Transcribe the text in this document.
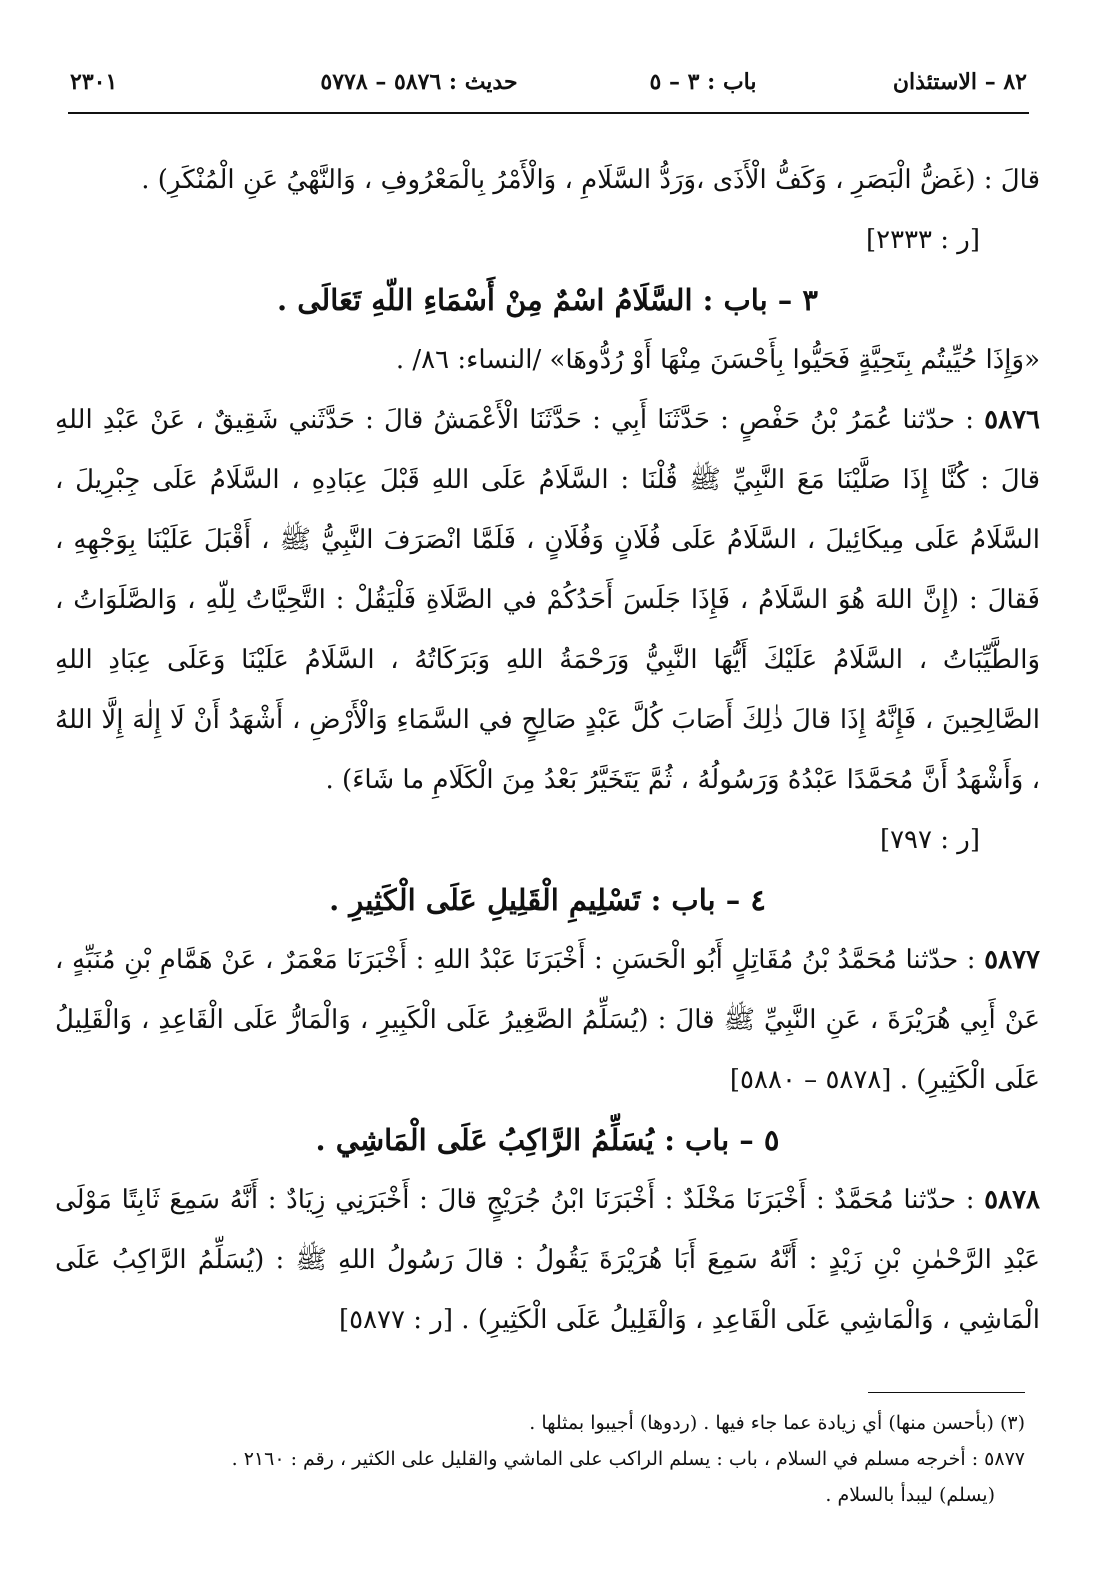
٨٢ – الاستئذان
باب : ٣ – ٥
حديث : ٥٨٧٦ – ٥٧٧٨
٢٣٠١

قالَ : (غَضُّ الْبَصَرِ ، وَكَفُّ الْأَذَى ،وَرَدُّ السَّلَامِ ، وَالْأَمْرُ بِالْمَعْرُوفِ ، وَالنَّهْيُ عَنِ الْمُنْكَرِ) .

[ر : ٢٣٣٣]

٣ – باب : السَّلَامُ اسْمٌ مِنْ أَسْمَاءِ اللّهِ تَعَالَى .

«وَإِذَا حُيِّيتُم بِتَحِيَّةٍ فَحَيُّوا بِأَحْسَنَ مِنْهَا أَوْ رُدُّوهَا» /النساء: ٨٦/ .

٥٨٧٦ : حدّثنا عُمَرُ بْنُ حَفْصٍ : حَدَّثَنَا أَبِي : حَدَّثَنَا الْأَعْمَشُ قالَ : حَدَّثَني شَقِيقٌ ، عَنْ عَبْدِ اللهِ قالَ : كُنَّا إِذَا صَلَّيْنَا مَعَ النَّبِيِّ ﷺ قُلْنَا : السَّلَامُ عَلَى اللهِ قَبْلَ عِبَادِهِ ، السَّلَامُ عَلَى جِبْرِيلَ ، السَّلَامُ عَلَى مِيكَائِيلَ ، السَّلَامُ عَلَى فُلَانٍ وَفُلَانٍ ، فَلَمَّا انْصَرَفَ النَّبِيُّ ﷺ ، أَقْبَلَ عَلَيْنَا بِوَجْهِهِ ، فَقالَ : (إِنَّ اللهَ هُوَ السَّلَامُ ، فَإِذَا جَلَسَ أَحَدُكُمْ في الصَّلَاةِ فَلْيَقُلْ : التَّحِيَّاتُ لِلّهِ ، وَالصَّلَوَاتُ ، وَالطَّيِّبَاتُ ، السَّلَامُ عَلَيْكَ أَيُّهَا النَّبِيُّ وَرَحْمَةُ اللهِ وَبَرَكَاتُهُ ، السَّلَامُ عَلَيْنَا وَعَلَى عِبَادِ اللهِ الصَّالِحِينَ ، فَإِنَّهُ إِذَا قالَ ذٰلِكَ أَصَابَ كُلَّ عَبْدٍ صَالِحٍ في السَّمَاءِ وَالْأَرْضِ ، أَشْهَدُ أَنْ لَا إِلٰهَ إِلَّا اللهُ ، وَأَشْهَدُ أَنَّ مُحَمَّدًا عَبْدُهُ وَرَسُولُهُ ، ثُمَّ يَتَخَيَّرُ بَعْدُ مِنَ الْكَلَامِ ما شَاءَ) .

[ر : ٧٩٧]

٤ – باب : تَسْلِيمِ الْقَلِيلِ عَلَى الْكَثِيرِ .

٥٨٧٧ : حدّثنا مُحَمَّدُ بْنُ مُقَاتِلٍ أَبُو الْحَسَنِ : أَخْبَرَنَا عَبْدُ اللهِ : أَخْبَرَنَا مَعْمَرٌ ، عَنْ هَمَّامِ بْنِ مُنَبِّهٍ ، عَنْ أَبِي هُرَيْرَةَ ، عَنِ النَّبِيِّ ﷺ قالَ : (يُسَلِّمُ الصَّغِيرُ عَلَى الْكَبِيرِ ، وَالْمَارُّ عَلَى الْقَاعِدِ ، وَالْقَلِيلُ عَلَى الْكَثِيرِ) . [٥٨٧٨ – ٥٨٨٠]

٥ – باب : يُسَلِّمُ الرَّاكِبُ عَلَى الْمَاشِي .

٥٨٧٨ : حدّثنا مُحَمَّدٌ : أَخْبَرَنَا مَخْلَدٌ : أَخْبَرَنَا ابْنُ جُرَيْجٍ قالَ : أَخْبَرَنِي زِيَادٌ : أَنَّهُ سَمِعَ ثَابِتًا مَوْلَى عَبْدِ الرَّحْمٰنِ بْنِ زَيْدٍ : أَنَّهُ سَمِعَ أَبَا هُرَيْرَةَ يَقُولُ : قالَ رَسُولُ اللهِ ﷺ : (يُسَلِّمُ الرَّاكِبُ عَلَى الْمَاشِي ، وَالْمَاشِي عَلَى الْقَاعِدِ ، وَالْقَلِيلُ عَلَى الْكَثِيرِ) . [ر : ٥٨٧٧]

(٣) (بأحسن منها) أي زيادة عما جاء فيها . (ردوها) أجيبوا بمثلها .

٥٨٧٧ : أخرجه مسلم في السلام ، باب : يسلم الراكب على الماشي والقليل على الكثير ، رقم : ٢١٦٠ .

(يسلم) ليبدأ بالسلام .
